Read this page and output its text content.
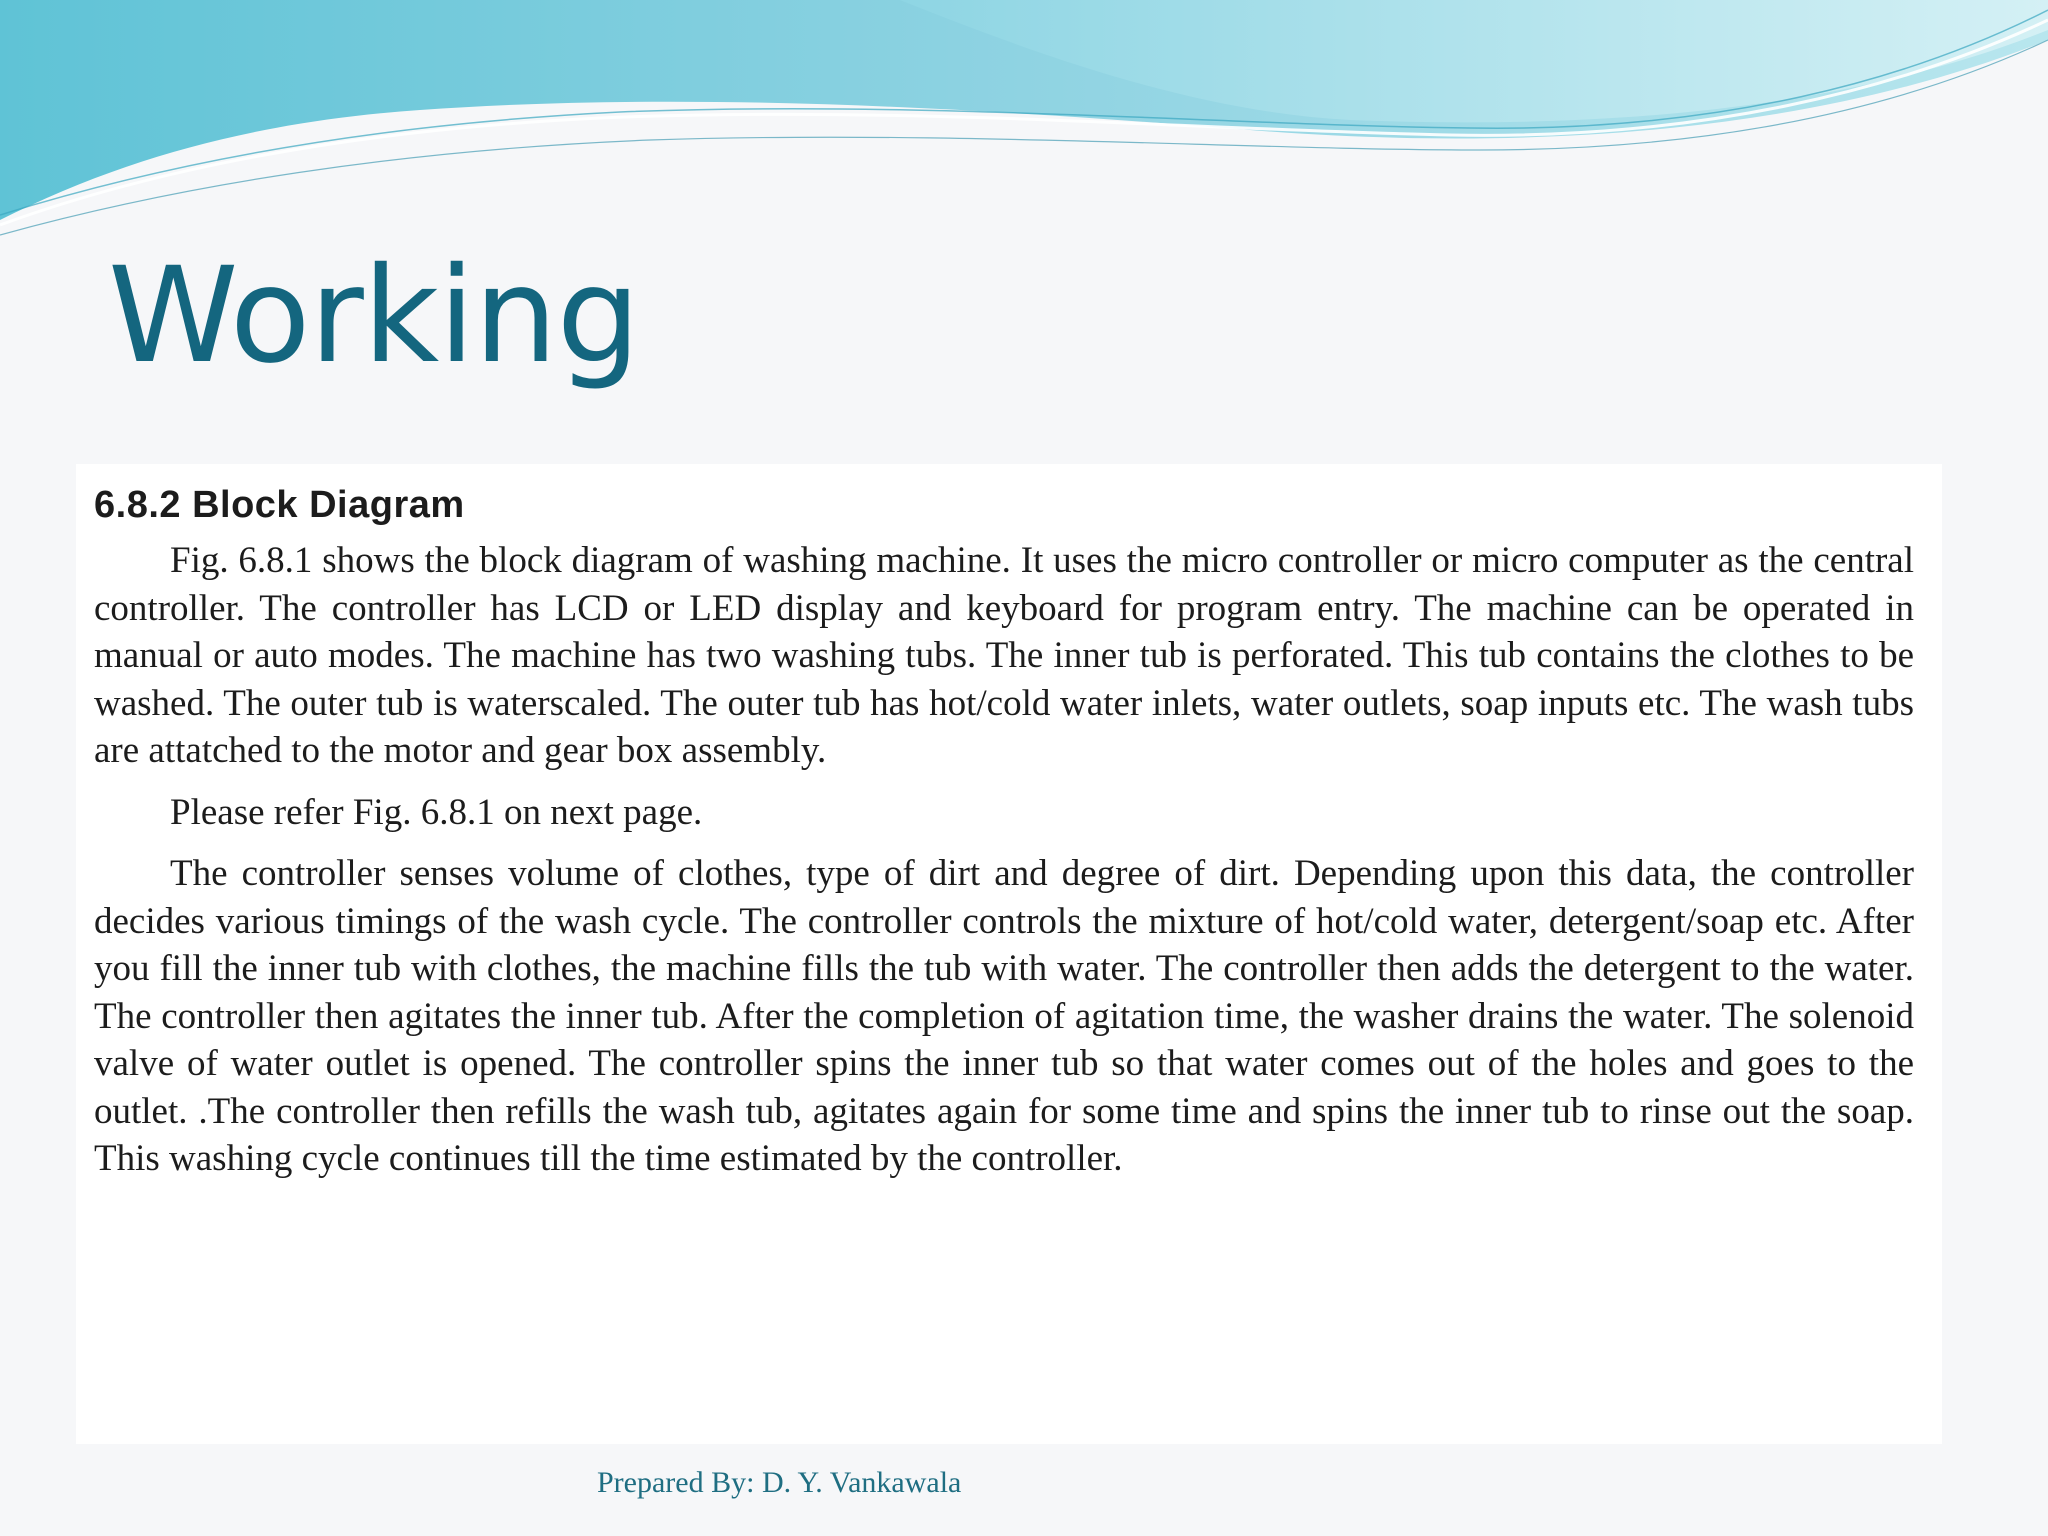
Working
6.8.2 Block Diagram

Fig. 6.8.1 shows the block diagram of washing machine. It uses the micro controller or micro computer as the central controller. The controller has LCD or LED display and keyboard for program entry. The machine can be operated in manual or auto modes. The machine has two washing tubs. The inner tub is perforated. This tub contains the clothes to be washed. The outer tub is waterscaled. The outer tub has hot/cold water inlets, water outlets, soap inputs etc. The wash tubs are attatched to the motor and gear box assembly.

Please refer Fig. 6.8.1 on next page.

The controller senses volume of clothes, type of dirt and degree of dirt. Depending upon this data, the controller decides various timings of the wash cycle. The controller controls the mixture of hot/cold water, detergent/soap etc. After you fill the inner tub with clothes, the machine fills the tub with water. The controller then adds the detergent to the water. The controller then agitates the inner tub. After the completion of agitation time, the washer drains the water. The solenoid valve of water outlet is opened. The controller spins the inner tub so that water comes out of the holes and goes to the outlet. .The controller then refills the wash tub, agitates again for some time and spins the inner tub to rinse out the soap. This washing cycle continues till the time estimated by the controller.

Prepared By: D. Y. Vankawala
